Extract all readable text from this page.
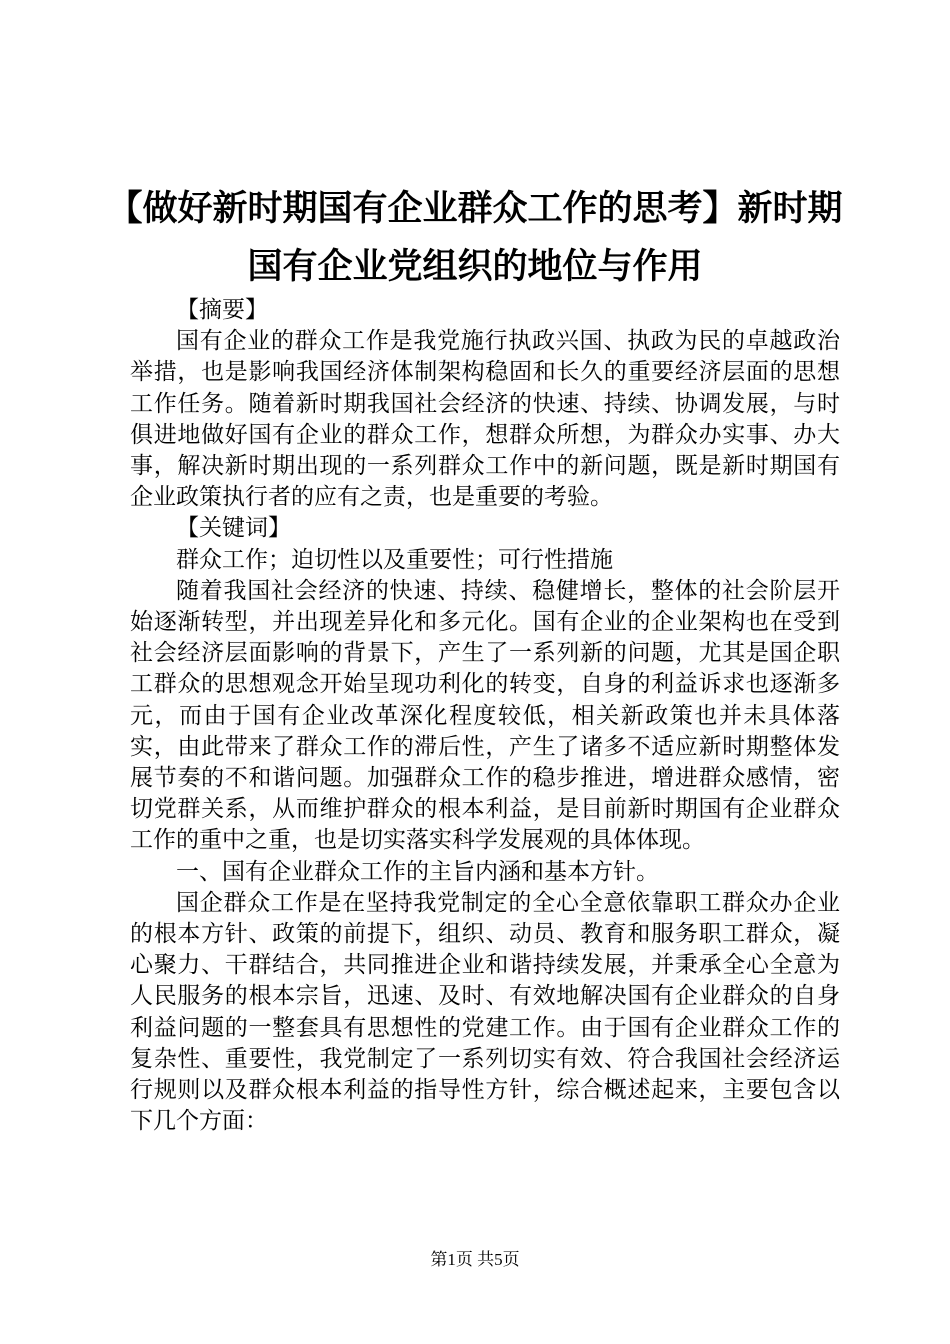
【做好新时期国有企业群众工作的思考】新时期国有企业党组织的地位与作用

【摘要】

国有企业的群众工作是我党施行执政兴国、执政为民的卓越政治举措，也是影响我国经济体制架构稳固和长久的重要经济层面的思想工作任务。随着新时期我国社会经济的快速、持续、协调发展，与时俱进地做好国有企业的群众工作，想群众所想，为群众办实事、办大事，解决新时期出现的一系列群众工作中的新问题，既是新时期国有企业政策执行者的应有之责，也是重要的考验。

【关键词】

群众工作；迫切性以及重要性；可行性措施

随着我国社会经济的快速、持续、稳健增长，整体的社会阶层开始逐渐转型，并出现差异化和多元化。国有企业的企业架构也在受到社会经济层面影响的背景下，产生了一系列新的问题，尤其是国企职工群众的思想观念开始呈现功利化的转变，自身的利益诉求也逐渐多元，而由于国有企业改革深化程度较低，相关新政策也并未具体落实，由此带来了群众工作的滞后性，产生了诸多不适应新时期整体发展节奏的不和谐问题。加强群众工作的稳步推进，增进群众感情，密切党群关系，从而维护群众的根本利益，是目前新时期国有企业群众工作的重中之重，也是切实落实科学发展观的具体体现。

一、国有企业群众工作的主旨内涵和基本方针。

国企群众工作是在坚持我党制定的全心全意依靠职工群众办企业的根本方针、政策的前提下，组织、动员、教育和服务职工群众，凝心聚力、干群结合，共同推进企业和谐持续发展，并秉承全心全意为人民服务的根本宗旨，迅速、及时、有效地解决国有企业群众的自身利益问题的一整套具有思想性的党建工作。由于国有企业群众工作的复杂性、重要性，我党制定了一系列切实有效、符合我国社会经济运行规则以及群众根本利益的指导性方针，综合概述起来，主要包含以下几个方面：

第1页 共5页
